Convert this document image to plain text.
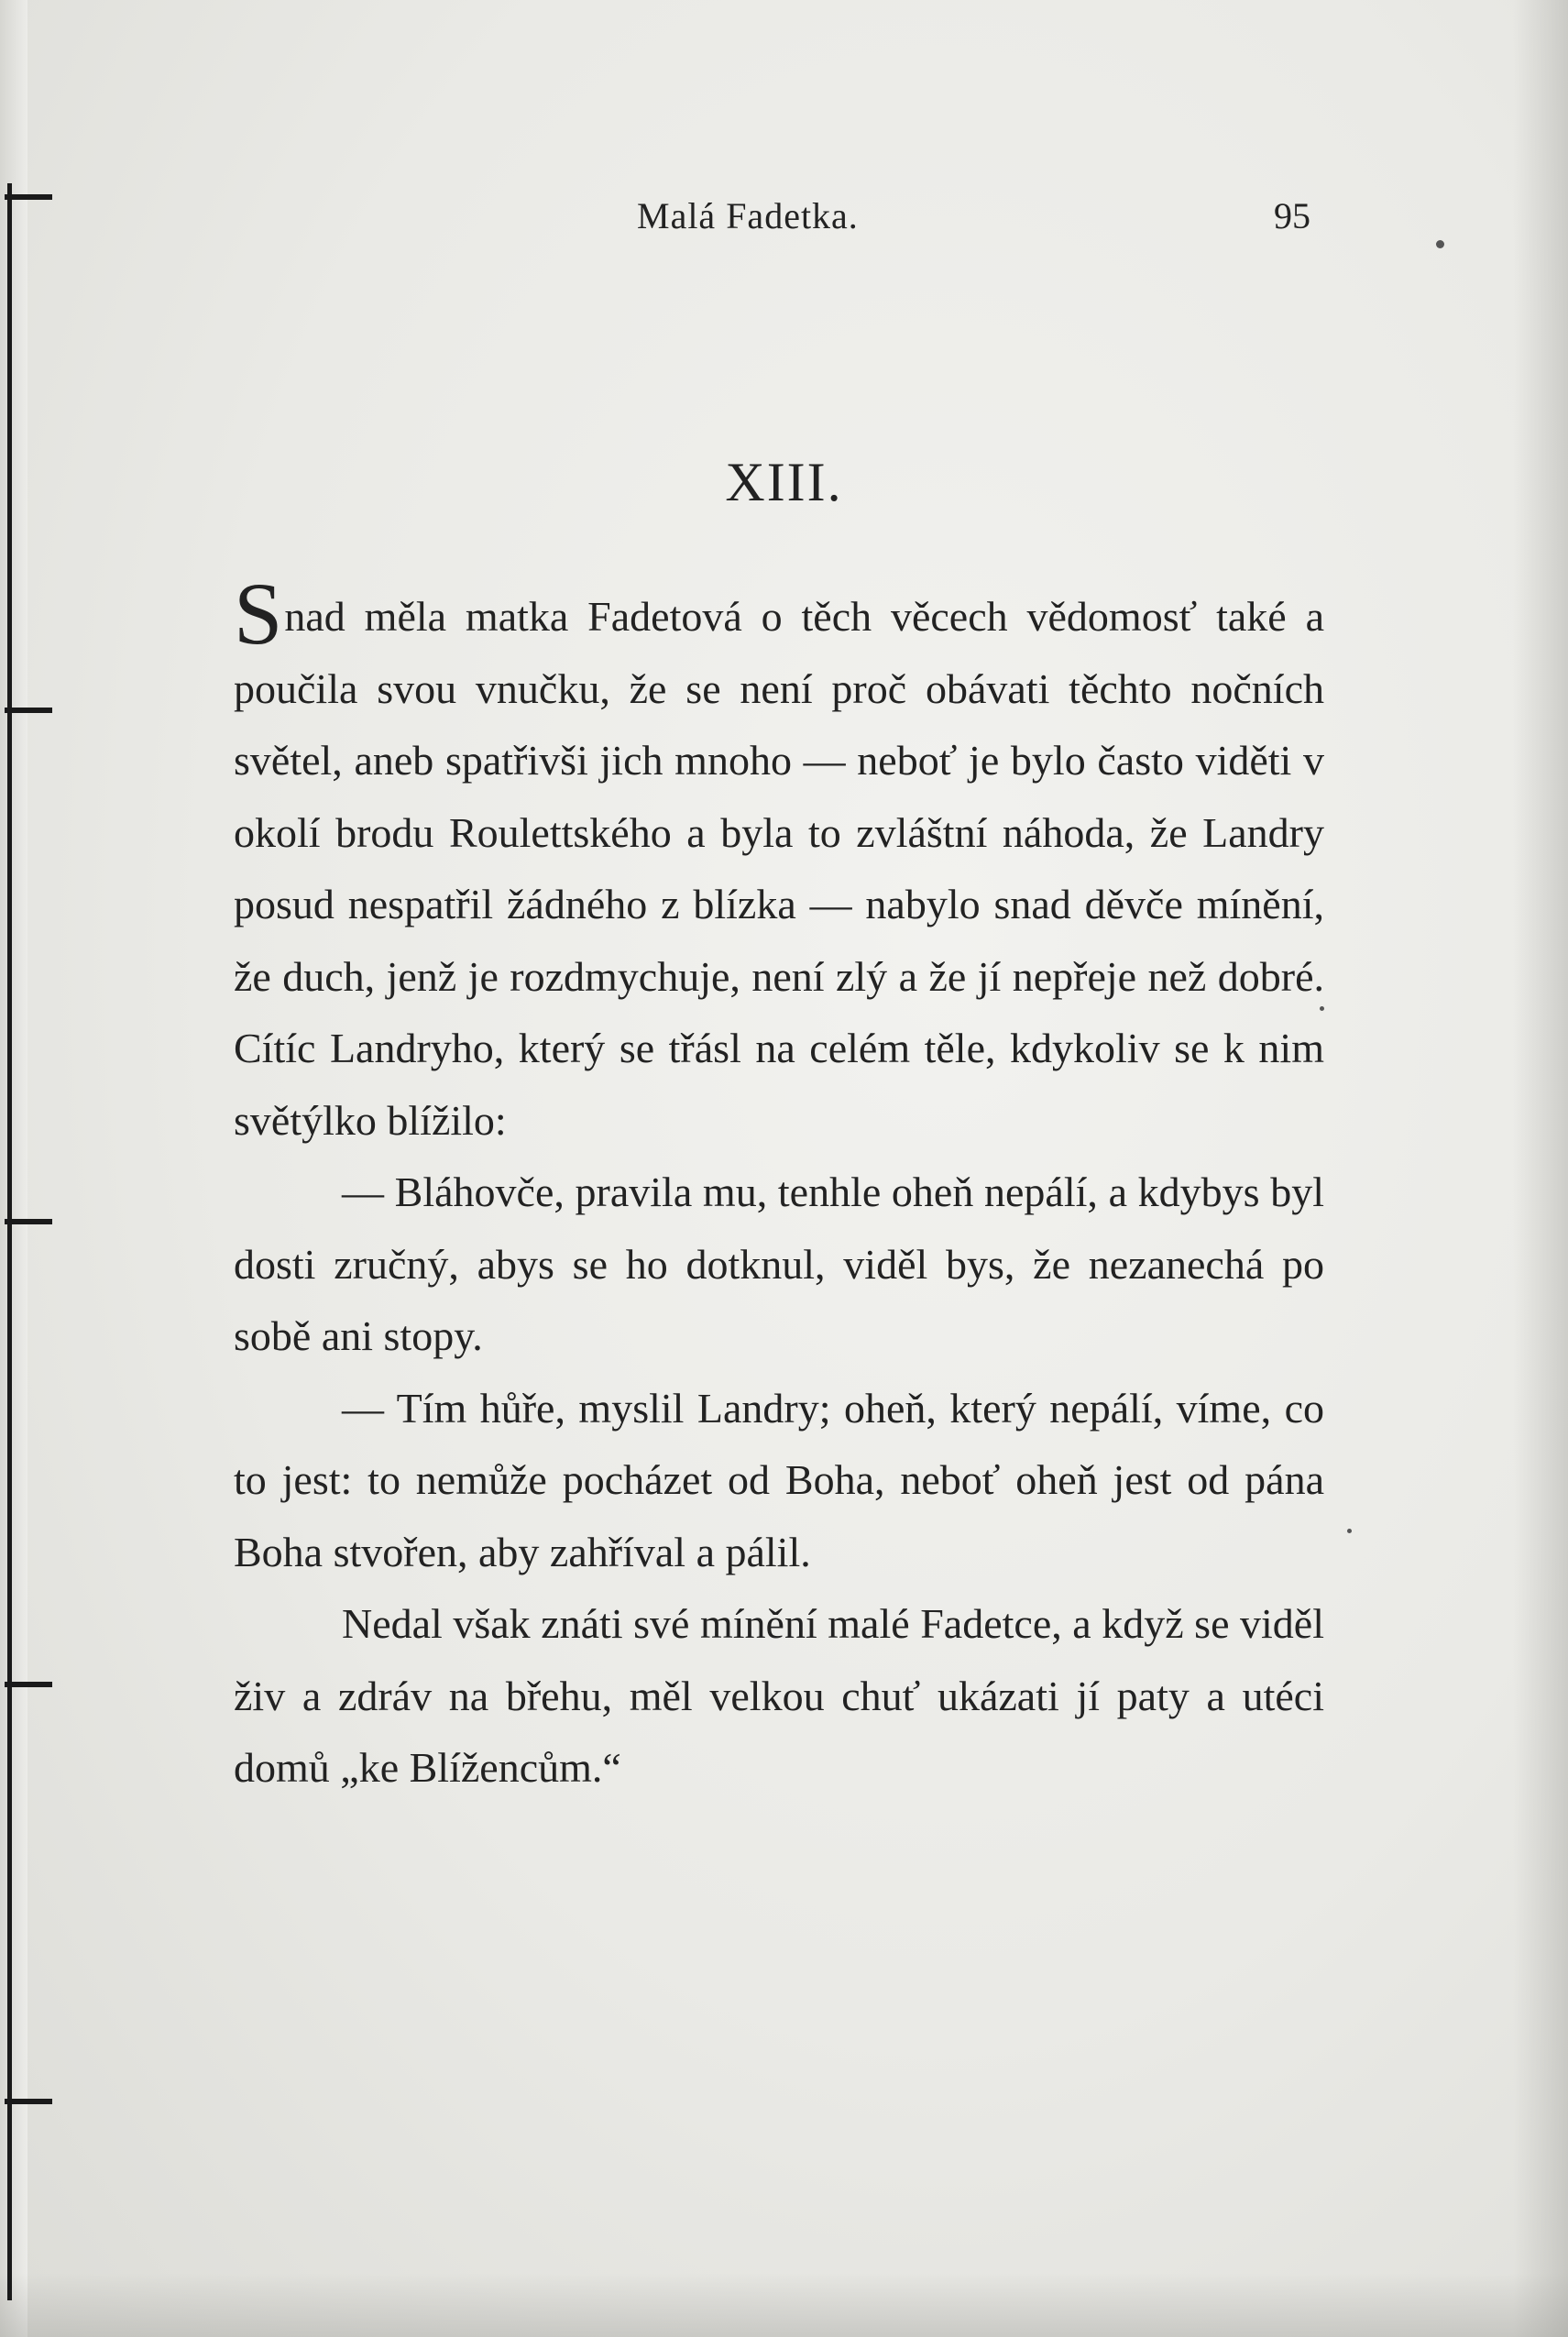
Malá Fadetka.	95
XIII.

Snad měla matka Fadetová o těch věcech vědomosť také a poučila svou vnučku, že se není proč obávati těchto nočních světel, aneb spatřivši jich mnoho — neboť je bylo často viděti v okolí brodu Roulettského a byla to zvláštní náhoda, že Landry posud nespatřil žádného z blízka — nabylo snad děvče mínění, že duch, jenž je rozdmychuje, není zlý a že jí nepřeje než dobré. Cítíc Landryho, který se třásl na celém těle, kdykoliv se k nim světýlko blížilo:

— Bláhovče, pravila mu, tenhle oheň nepálí, a kdybys byl dosti zručný, abys se ho dotknul, viděl bys, že nezanechá po sobě ani stopy.

— Tím hůře, myslil Landry; oheň, který nepálí, víme, co to jest: to nemůže pocházet od Boha, neboť oheň jest od pána Boha stvořen, aby zahříval a pálil.

Nedal však znáti své mínění malé Fadetce, a když se viděl živ a zdráv na břehu, měl velkou chuť ukázati jí paty a utéci domů „ke Blížencům.“
